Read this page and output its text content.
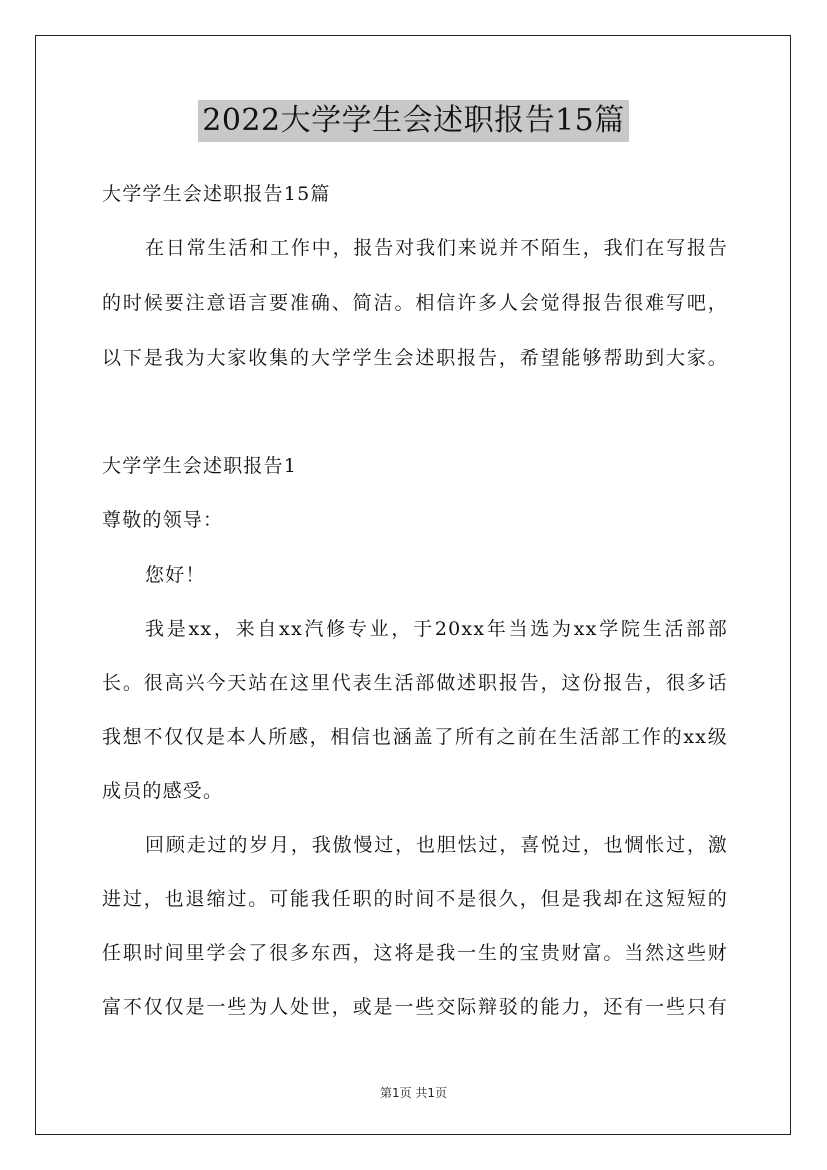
2022大学学生会述职报告15篇
大学学生会述职报告15篇
在日常生活和工作中，报告对我们来说并不陌生，我们在写报告
的时候要注意语言要准确、简洁。相信许多人会觉得报告很难写吧，
以下是我为大家收集的大学学生会述职报告，希望能够帮助到大家。
大学学生会述职报告1
尊敬的领导：
您好！
我是xx，来自xx汽修专业，于20xx年当选为xx学院生活部部
长。很高兴今天站在这里代表生活部做述职报告，这份报告，很多话
我想不仅仅是本人所感，相信也涵盖了所有之前在生活部工作的xx级
成员的感受。
回顾走过的岁月，我傲慢过，也胆怯过，喜悦过，也惆怅过，激
进过，也退缩过。可能我任职的时间不是很久，但是我却在这短短的
任职时间里学会了很多东西，这将是我一生的宝贵财富。当然这些财
富不仅仅是一些为人处世，或是一些交际辩驳的能力，还有一些只有
第1页 共1页
